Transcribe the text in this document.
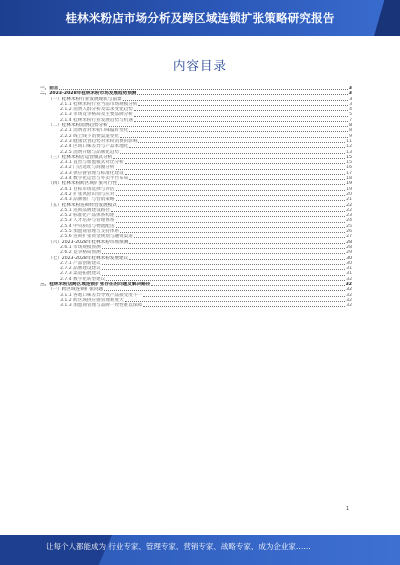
桂林米粉店市场分析及跨区域连锁扩张策略研究报告
内容目录
一、前言	3
二、2023-2028年桂林米粉市场发展趋势预测	3
（一）桂林米粉行业发展现状与前景	3
2.1.1 桂林米粉行业当前市场规模分析	3
2.1.2 消费人群分析及需求变化趋势	4
2.1.3 市场竞争格局及主要品牌分析	5
2.1.4 桂林米粉行业发展趋势与机遇	7
（二）桂林米粉消费趋势分析	8
2.2.1 消费者对米粉口味偏好变化	8
2.2.2 线上线下消费渠道变化	9
2.2.3 健康饮食趋势对米粉消费的影响	11
2.2.4 区域口味差异与产品本地化	12
2.2.5 消费升级与品牌化趋势	13
（三）桂林米粉店运营模式分析	15
2.3.1 直营与加盟模式对比分析	15
2.3.2 门店选址与商圈分析	16
2.3.3 供应链管理与标准化建设	17
2.3.4 数字化运营与外卖平台布局	18
（四）桂林米粉跨区域扩张可行性	19
2.4.1 目标市场选择与评估	19
2.4.2 扩张风险识别与应对	20
2.4.3 品牌推广与营销策略	21
（五）桂林米粉连锁经营发展模式	22
2.5.1 连锁品牌建设路径	22
2.5.2 标准化产品体系构建	23
2.5.3 人才培养与管理体系	24
2.5.4 中央厨房与物流配送	25
2.5.5 加盟商管理与支持体系	26
2.5.6 连锁扩张资金规划与融资渠道	27
（六）2023-2028年桂林米粉市场预测	28
2.6.1 市场规模预测	28
2.6.2 竞争格局预测	29
（七）2023-2028年桂林米粉发展建议	30
2.7.1 产品创新建议	30
2.7.2 品牌建设建议	31
2.7.3 渠道拓展建议	31
2.7.4 数字化转型建议	32
三、桂林米粉店跨区域连锁扩张存在的问题及解决路径	32
（一）跨区域连锁扩张问题	32
3.1.1 各地口味差异导致产品接受度不一	32
3.1.2 跨区域供应链管理难度大	32
3.1.3 加盟商管理与品牌一致性难以保障	32
1
让每个人都能成为 行业专家、管理专家、营销专家、战略专家、成为企业家……
